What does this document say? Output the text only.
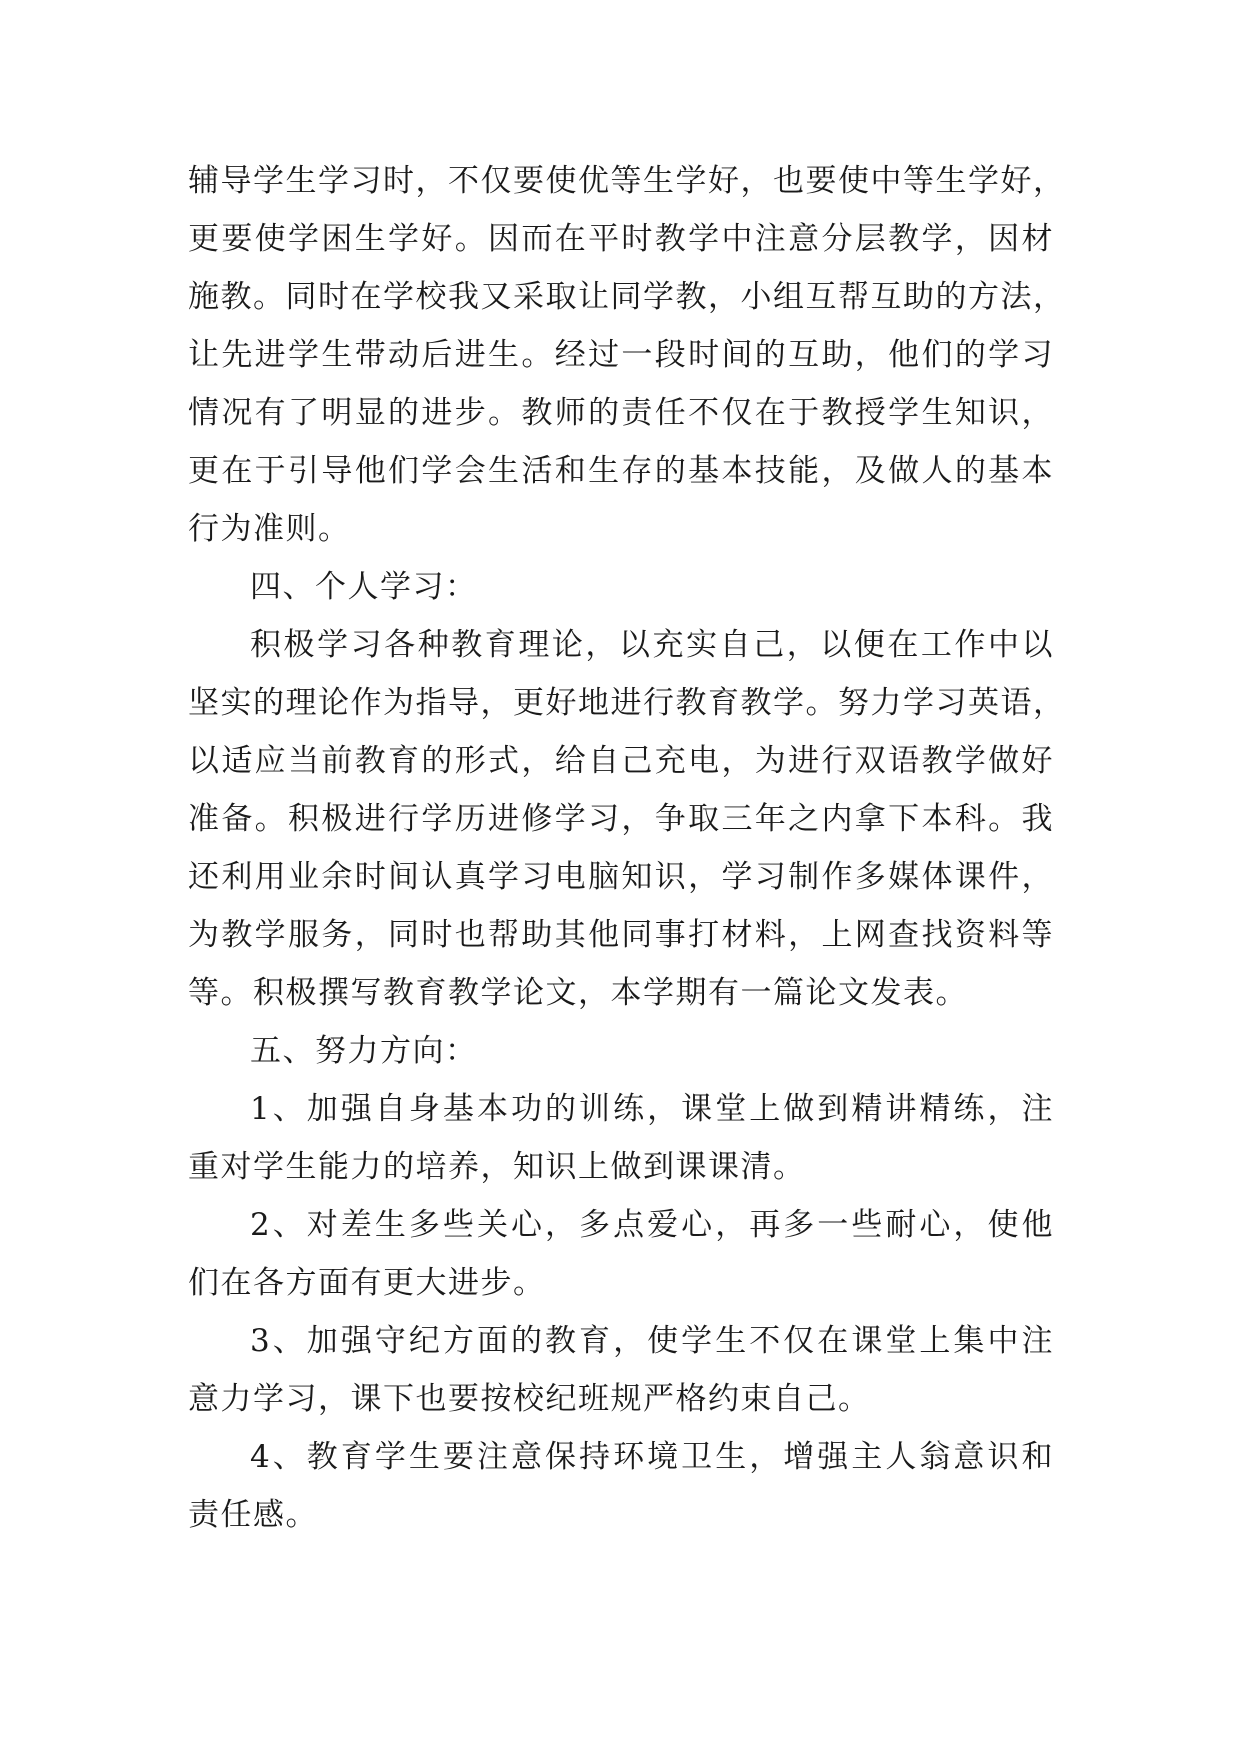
辅导学生学习时，不仅要使优等生学好，也要使中等生学好，
更要使学困生学好。因而在平时教学中注意分层教学，因材
施教。同时在学校我又采取让同学教，小组互帮互助的方法，
让先进学生带动后进生。经过一段时间的互助，他们的学习
情况有了明显的进步。教师的责任不仅在于教授学生知识，
更在于引导他们学会生活和生存的基本技能，及做人的基本
行为准则。
四、个人学习：
积极学习各种教育理论，以充实自己，以便在工作中以
坚实的理论作为指导，更好地进行教育教学。努力学习英语，
以适应当前教育的形式，给自己充电，为进行双语教学做好
准备。积极进行学历进修学习，争取三年之内拿下本科。我
还利用业余时间认真学习电脑知识，学习制作多媒体课件，
为教学服务，同时也帮助其他同事打材料，上网查找资料等
等。积极撰写教育教学论文，本学期有一篇论文发表。
五、努力方向：
1、加强自身基本功的训练，课堂上做到精讲精练，注
重对学生能力的培养，知识上做到课课清。
2、对差生多些关心，多点爱心，再多一些耐心，使他
们在各方面有更大进步。
3、加强守纪方面的教育，使学生不仅在课堂上集中注
意力学习，课下也要按校纪班规严格约束自己。
4、教育学生要注意保持环境卫生，增强主人翁意识和
责任感。
